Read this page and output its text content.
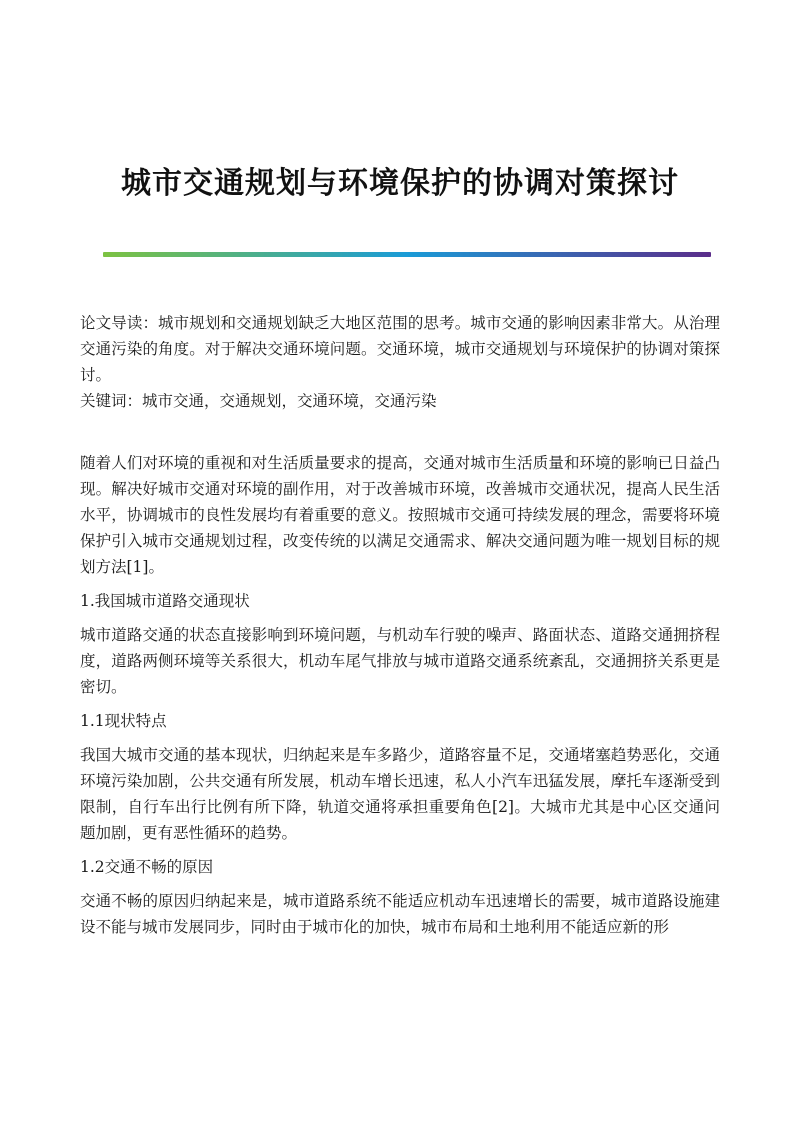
城市交通规划与环境保护的协调对策探讨

论文导读：城市规划和交通规划缺乏大地区范围的思考。城市交通的影响因素非常大。从治理交通污染的角度。对于解决交通环境问题。交通环境，城市交通规划与环境保护的协调对策探讨。

关键词：城市交通，交通规划，交通环境，交通污染

随着人们对环境的重视和对生活质量要求的提高，交通对城市生活质量和环境的影响已日益凸现。解决好城市交通对环境的副作用，对于改善城市环境，改善城市交通状况，提高人民生活水平，协调城市的良性发展均有着重要的意义。按照城市交通可持续发展的理念，需要将环境保护引入城市交通规划过程，改变传统的以满足交通需求、解决交通问题为唯一规划目标的规划方法[1]。

1.我国城市道路交通现状

城市道路交通的状态直接影响到环境问题，与机动车行驶的噪声、路面状态、道路交通拥挤程度，道路两侧环境等关系很大，机动车尾气排放与城市道路交通系统紊乱，交通拥挤关系更是密切。

1.1现状特点

我国大城市交通的基本现状，归纳起来是车多路少，道路容量不足，交通堵塞趋势恶化，交通环境污染加剧，公共交通有所发展，机动车增长迅速，私人小汽车迅猛发展，摩托车逐渐受到限制，自行车出行比例有所下降，轨道交通将承担重要角色[2]。大城市尤其是中心区交通问题加剧，更有恶性循环的趋势。

1.2交通不畅的原因

交通不畅的原因归纳起来是，城市道路系统不能适应机动车迅速增长的需要，城市道路设施建设不能与城市发展同步，同时由于城市化的加快，城市布局和土地利用不能适应新的形
